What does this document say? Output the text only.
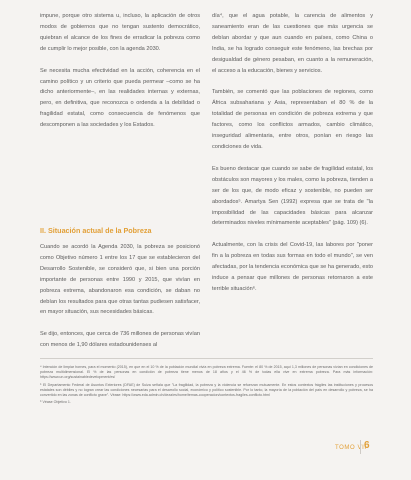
impune, porque otro sistema u, incluso, la aplicación de otros modos de gobiernos que no tengan sustento democrático, quiebran el alcance de los fines de erradicar la pobreza como de cumplir lo mejor posible, con la agenda 2030.

Se necesita mucha efectividad en la acción, coherencia en el camino político y un criterio que pueda permear –como se ha dicho anteriormente–, en las realidades internas y externas, pero, en definitiva, que reconozca o ordenda a la debilidad o fragilidad estatal, como consecuencia de fenómenos que descomponen a las sociedades y los Estados.

II. Situación actual de la Pobreza

Cuando se acordó la Agenda 2030, la pobreza se posicionó como Objetivo número 1 entre los 17 que se establecieron del Desarrollo Sostenible, se consideró que, si bien una porción importante de personas entre 1990 y 2015, que vivían en pobreza extrema, abandonaron esa condición, se daban no debían los resultados para que otras tantas pudiesen satisfacer, en mayor situación, sus necesidades básicas.

Se dijo, entonces, que cerca de 736 millones de personas vivían con menos de 1,90 dólares estadounidenses al

día⁴, que el agua potable, la carencia de alimentos y saneamiento eran de las cuestiones que más urgencia se debían abordar y que aun cuando en países, como China o India, se ha logrado conseguir este fenómeno, las brechas por desigualdad de género pesaban, en cuanto a la remuneración, el acceso a la educación, bienes y servicios.

También, se comentó que las poblaciones de regiones, como África subsahariana y Asia, representaban el 80 % de la totalidad de personas en condición de pobreza extrema y que factores, como los conflictos armados, cambio climático, inseguridad alimentaria, entre otros, ponían en riesgo las condiciones de vida.

Es bueno destacar que cuando se sabe de fragilidad estatal, los obstáculos son mayores y los males, como la pobreza, tienden a ser de los que, de modo eficaz y sostenible, no pueden ser abordados⁵. Amartya Sen (1992) expresa que se trata de "la imposibilidad de las capacidades básicas para alcanzar determinados niveles mínimamente aceptables" (pág. 109) (6).

Actualmente, con la crisis del Covid-19, las labores por "poner fin a la pobreza en todas sus formas en todo el mundo", se ven afectadas, por la tendencia económica que se ha generado, esto induce a pensar que millones de personas retornaron a este terrible situación⁶.

⁴ Intención de limpiar hornes, para el momento (2015), en que en el 10 % de la población mundial vivía en pobreza extrema. Fuente: el 80 % de 2015, aquí 1,3 millones de personas vivían en condiciones de pobreza multidimensional. El % de las personas en condición de pobreza tiene menos de 18 años y el 46 % de todas ella vive en extrema pobreza. Para más información: https://www.un.org/sustainabledevelopment/es/

⁵ El Departamento Federal de Asuntos Exteriores (DFAE) de Suiza señala que "La fragilidad, la pobreza y la violencia se refuerzan mutuamente. En estos contextos frágiles las instituciones y procesos estatales son débiles y no logran crear las condiciones necesarias para el desarrollo social, económico y político sostenible. Por lo tanto, la mayoría de la población del país en desarrollo y pobreza, se ha convertido en las zonas de conflicto grave". Véase: https://www.eda.admin.ch/deza/es/home/temas-cooperacion/contextos-fragiles-conflicto.html

⁶ Véase Objetivo 1.

TOMO VII
6
